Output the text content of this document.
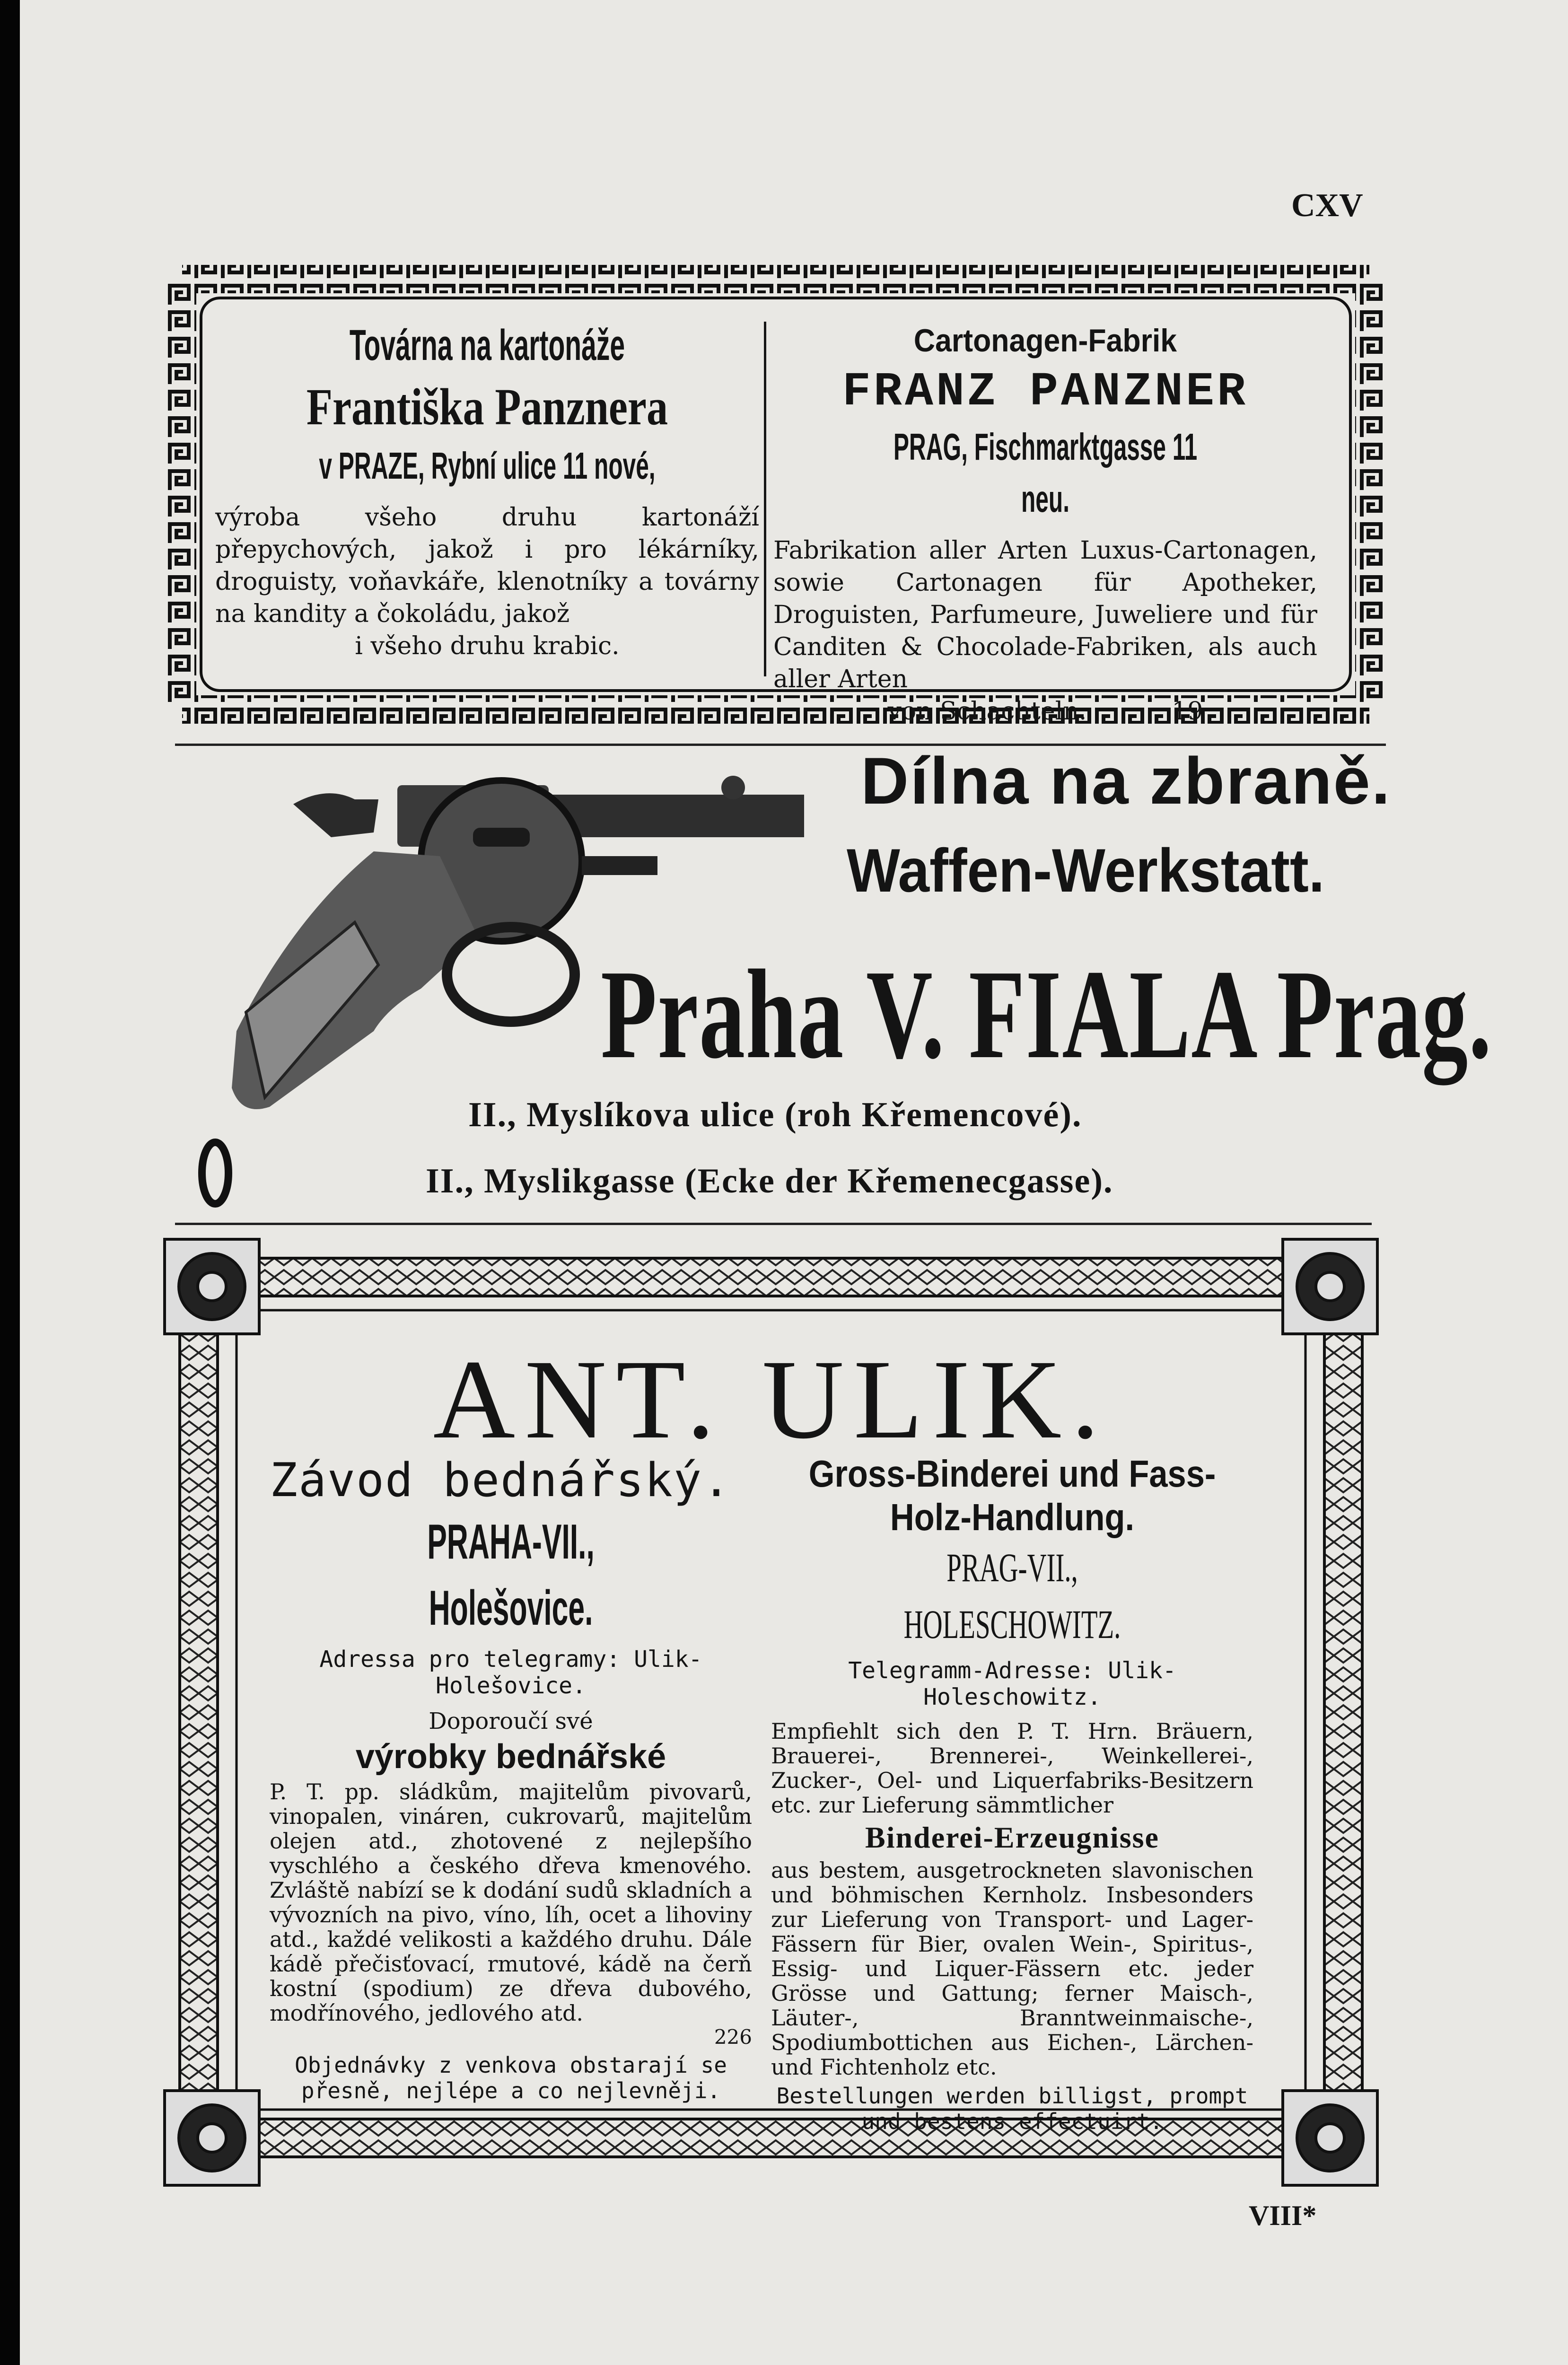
CXV
Továrna na kartonáže
Františka Panznera
v PRAZE, Rybní ulice 11 nové,
výroba všeho druhu kartonáží přepychových, jakož i pro lékárníky, droguisty, voňavkáře, klenotníky a továrny na kandity a čokoládu, jakož
i všeho druhu krabic.
Cartonagen-Fabrik
FRANZ PANZNER
PRAG, Fischmarktgasse 11 neu.
Fabrikation aller Arten Luxus-Cartonagen, sowie Cartonagen für Apotheker, Droguisten, Parfumeure, Juweliere und für Canditen & Chocolade-Fabriken, als auch aller Arten
von Schachteln.	19
Dílna na zbraně.
Waffen-Werkstatt.
Praha V. FIALA Prag.
II., Myslíkova ulice (roh Křemencové).
II., Myslikgasse (Ecke der Křemenecgasse).
ANT. ULIK.
Závod bednářský.
PRAHA-VII., Holešovice.
Adressa pro telegramy: Ulik-Holešovice.
Doporoučí své
výrobky bednářské
P. T. pp. sládkům, majitelům pivovarů, vinopalen, vináren, cukrovarů, majitelům olejen atd., zhotovené z nejlepšího vyschlého a českého dřeva kmenového. Zvláště nabízí se k dodání sudů skladních a vývozních na pivo, víno, líh, ocet a lihoviny atd., každé velikosti a každého druhu. Dále kádě přečisťovací, rmutové, kádě na čerň kostní (spodium) ze dřeva dubového, modřínového, jedlového atd.
226
Objednávky z venkova obstarají se přesně, nejlépe a co nejlevněji.
Gross-Binderei und Fass-Holz-Handlung.
PRAG-VII., HOLESCHOWITZ.
Telegramm-Adresse: Ulik-Holeschowitz.
Empfiehlt sich den P. T. Hrn. Bräuern, Brauerei-, Brennerei-, Weinkellerei-, Zucker-, Oel- und Liquerfabriks-Besitzern etc. zur Lieferung sämmtlicher
Binderei-Erzeugnisse
aus bestem, ausgetrockneten slavonischen und böhmischen Kernholz. Insbesonders zur Lieferung von Transport- und Lager-Fässern für Bier, ovalen Wein-, Spiritus-, Essig- und Liquer-Fässern etc. jeder Grösse und Gattung; ferner Maisch-, Läuter-, Branntweinmaische-, Spodiumbottichen aus Eichen-, Lärchen- und Fichtenholz etc.
Bestellungen werden billigst, prompt und bestens effectuirt.
VIII*
